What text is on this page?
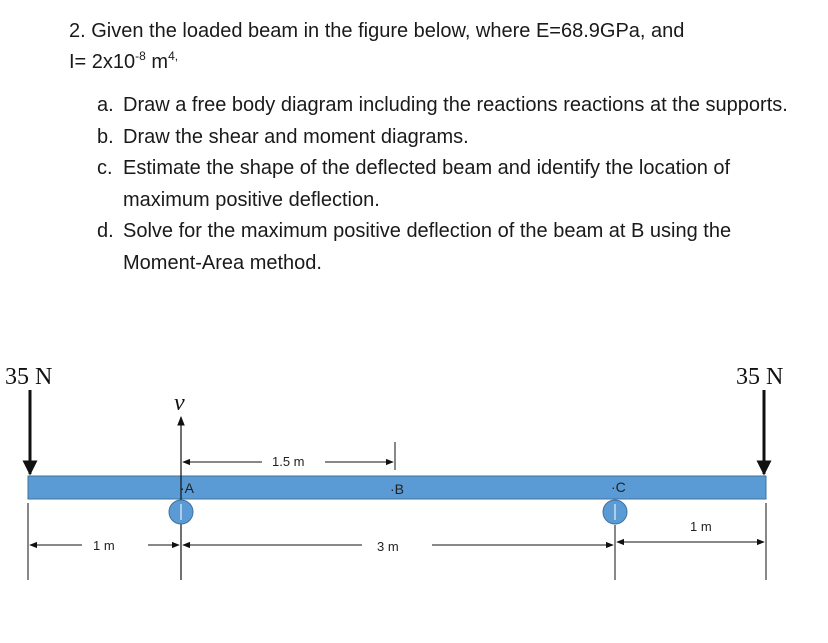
2. Given the loaded beam in the figure below, where E=68.9GPa, and
$I= 2x10^{-8}$ $m^{4,}$
a. Draw a free body diagram including the reactions reactions at the supports.
b. Draw the shear and moment diagrams.
c. Estimate the shape of the deflected beam and identify the location of maximum positive deflection.
d. Solve for the maximum positive deflection of the beam at B using the Moment-Area method.
35 N	35 N
v
·A	·B	·C
1.5 m
1 m	3 m
1 m
